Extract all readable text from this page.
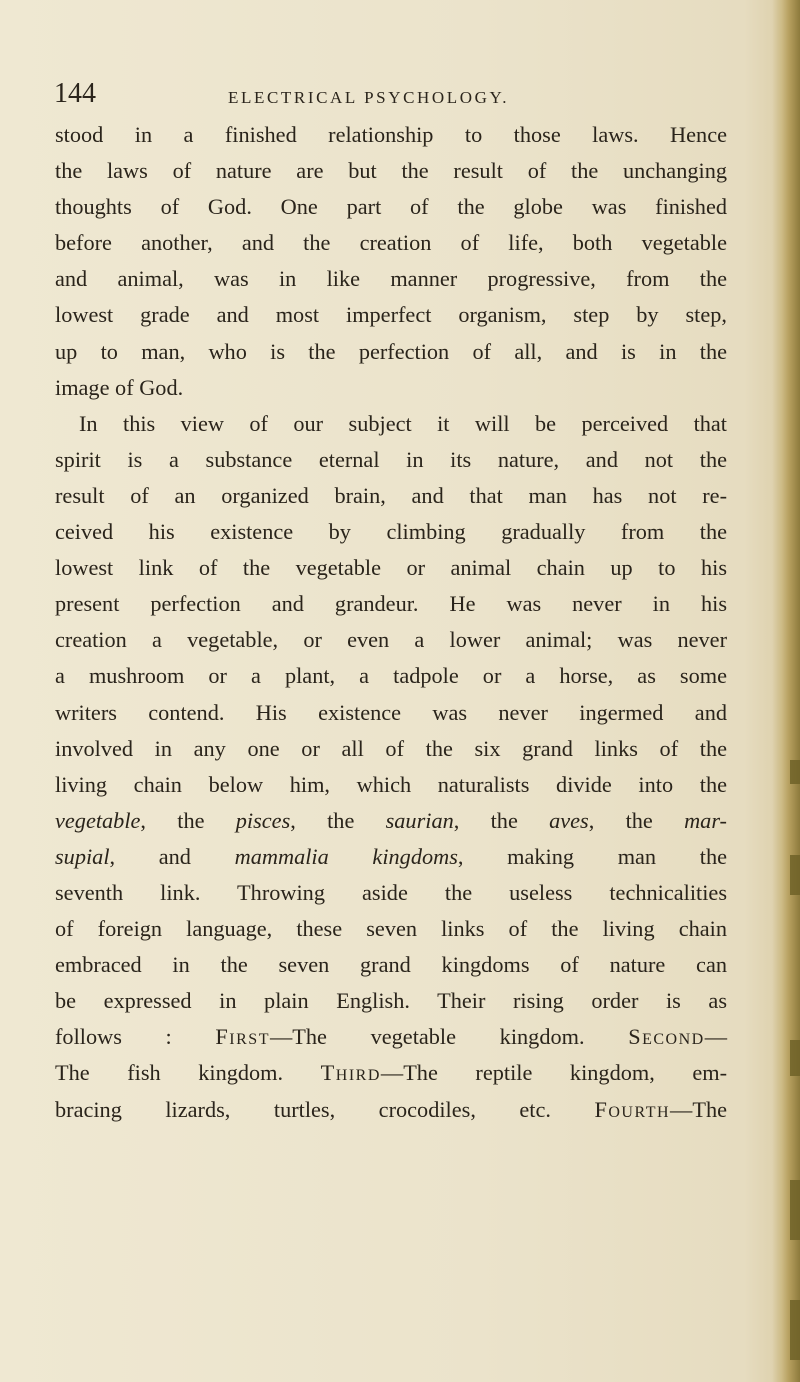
144	ELECTRICAL PSYCHOLOGY.
stood in a finished relationship to those laws. Hence
the laws of nature are but the result of the unchanging
thoughts of God. One part of the globe was finished
before another, and the creation of life, both vegetable
and animal, was in like manner progressive, from the
lowest grade and most imperfect organism, step by step,
up to man, who is the perfection of all, and is in the
image of God.
In this view of our subject it will be perceived that
spirit is a substance eternal in its nature, and not the
result of an organized brain, and that man has not re-
ceived his existence by climbing gradually from the
lowest link of the vegetable or animal chain up to his
present perfection and grandeur. He was never in his
creation a vegetable, or even a lower animal; was never
a mushroom or a plant, a tadpole or a horse, as some
writers contend. His existence was never ingermed and
involved in any one or all of the six grand links of the
living chain below him, which naturalists divide into the
vegetable, the pisces, the saurian, the aves, the mar-
supial, and mammalia kingdoms, making man the
seventh link. Throwing aside the useless technicalities
of foreign language, these seven links of the living chain
embraced in the seven grand kingdoms of nature can
be expressed in plain English. Their rising order is as
follows : First—The vegetable kingdom. Second—
The fish kingdom. Third—The reptile kingdom, em-
bracing lizards, turtles, crocodiles, etc. Fourth—The
